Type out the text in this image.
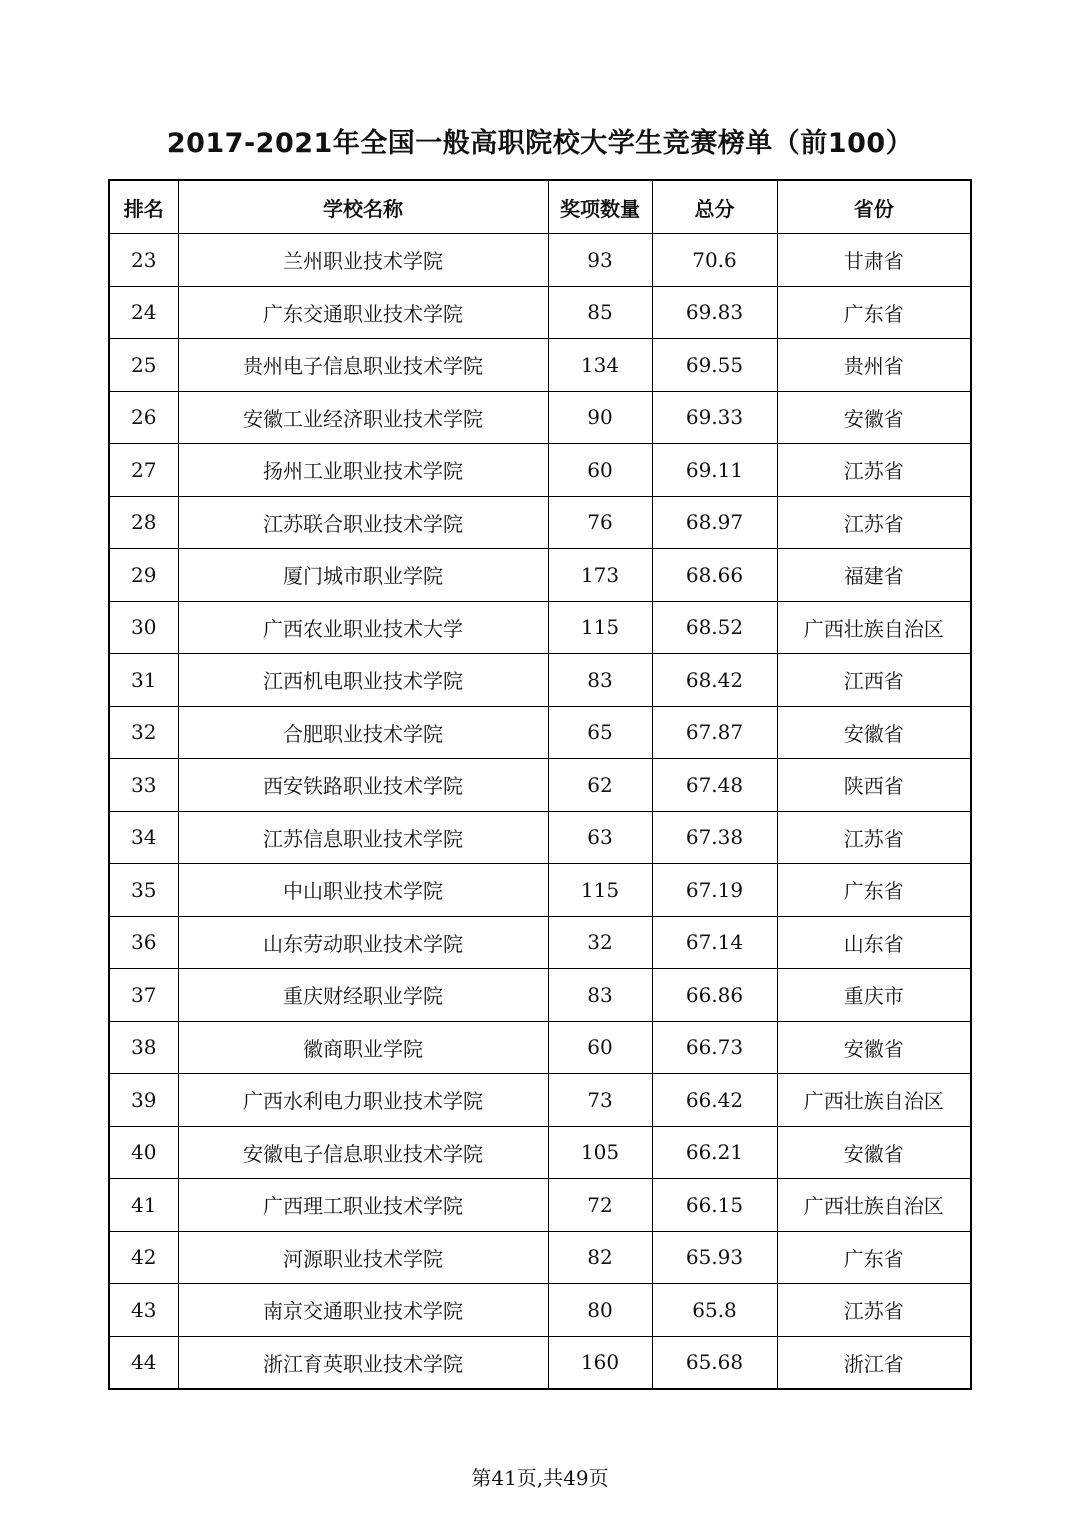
2017-2021年全国一般高职院校大学生竞赛榜单（前100）
排名	学校名称	奖项数量	总分	省份
23	兰州职业技术学院	93	70.6	甘肃省
24	广东交通职业技术学院	85	69.83	广东省
25	贵州电子信息职业技术学院	134	69.55	贵州省
26	安徽工业经济职业技术学院	90	69.33	安徽省
27	扬州工业职业技术学院	60	69.11	江苏省
28	江苏联合职业技术学院	76	68.97	江苏省
29	厦门城市职业学院	173	68.66	福建省
30	广西农业职业技术大学	115	68.52	广西壮族自治区
31	江西机电职业技术学院	83	68.42	江西省
32	合肥职业技术学院	65	67.87	安徽省
33	西安铁路职业技术学院	62	67.48	陕西省
34	江苏信息职业技术学院	63	67.38	江苏省
35	中山职业技术学院	115	67.19	广东省
36	山东劳动职业技术学院	32	67.14	山东省
37	重庆财经职业学院	83	66.86	重庆市
38	徽商职业学院	60	66.73	安徽省
39	广西水利电力职业技术学院	73	66.42	广西壮族自治区
40	安徽电子信息职业技术学院	105	66.21	安徽省
41	广西理工职业技术学院	72	66.15	广西壮族自治区
42	河源职业技术学院	82	65.93	广东省
43	南京交通职业技术学院	80	65.8	江苏省
44	浙江育英职业技术学院	160	65.68	浙江省
第41页,共49页
